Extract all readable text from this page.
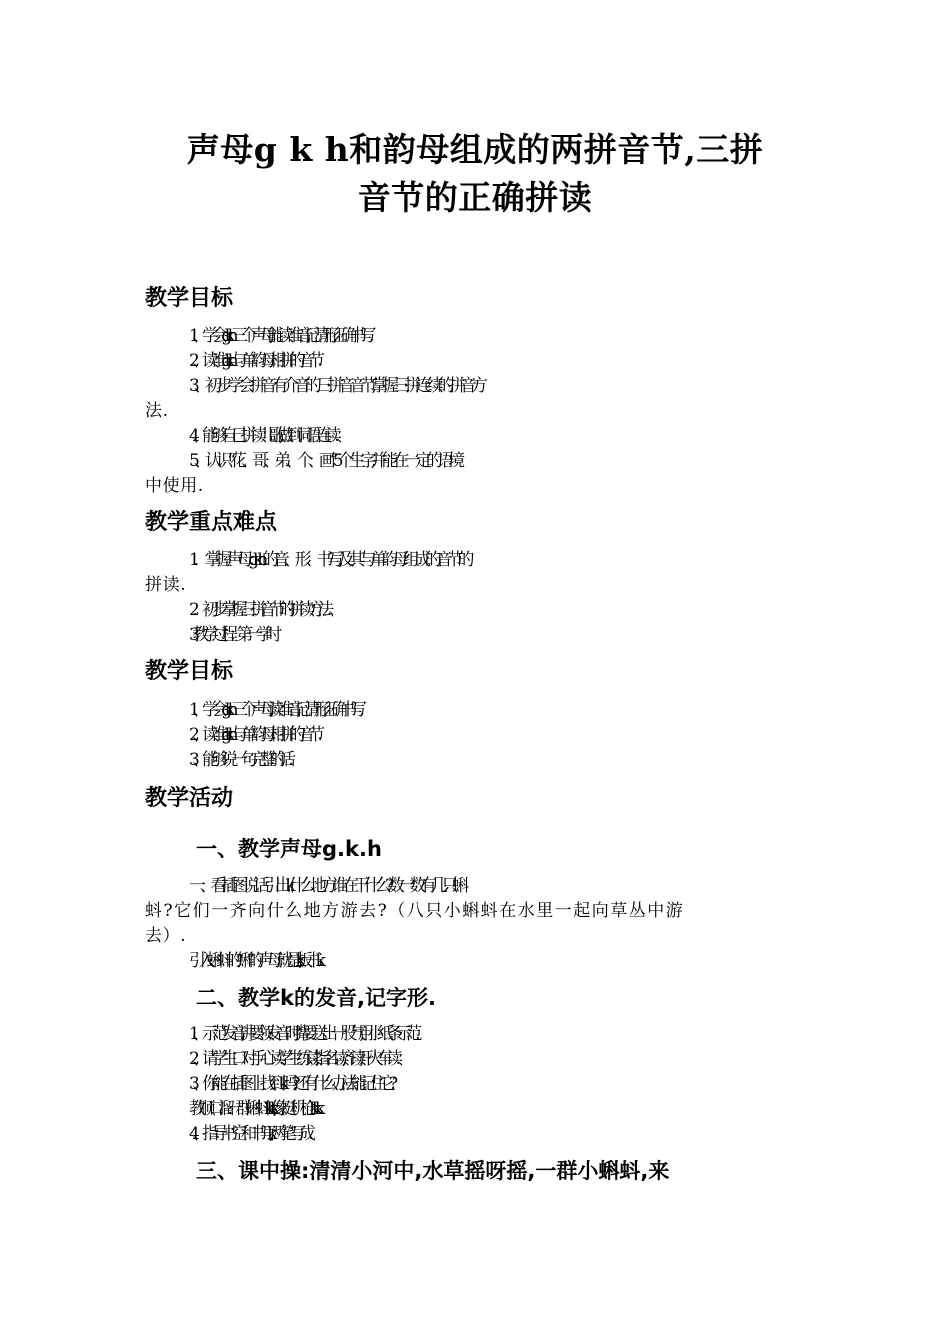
声母g k h和韵母组成的两拼音节,三拼
音节的正确拼读
教学目标
1、学会gkh三个声母,能读准音,记清形,正确书写.
2、读准gkh与单韵母相拼的音节.
3、初步学会拼音有介音的三拼音音节,掌握三拼连续的拼音方
法.
4、能够自己拼读儿歌,做到词语连读.
5、认识“花、哥、弟、个、画”5个生字,并能在一定的语境
中使用.
教学重点难点
1．掌握声母gkh的音、形、书写,及其与单韵母组成的音节的
拼读.
2．初步掌握三拼音节的拼读方法.
3教学过程 ： 第一学时
教学目标
1、学会gkh三个声母,读准音,记清形,正确书写.
2、读准gkh与单韵母相拼的音节.
3、能够说一句完整的话.
教学活动
一、教学声母g.k.h
一、看插图说话引出k:什么地方谁在干什么?数一数有几只蝌
蚪?它们一齐向什么地方游去?（八只小蝌蚪在水里一起向草丛中游
去）.
引入:蝌蚪的“蝌”的声母就是k,板书k.
二、教学k的发音,记字形.
1、示范发音,讲要领:发音时,嘴要送出一股气,用小纸条示范.
2、请学生口对手心读.学生练读,指名读,齐读,开火车读.
3、你能在插图上找到k吗?还有什么办法能记住它?
教顺口溜:一群蝌蚪kkk,像挺机枪kkk.
4、指导书空和书写,k两笔写成.
三、课中操:清清小河中,水草摇呀摇,一群小蝌蚪,来
